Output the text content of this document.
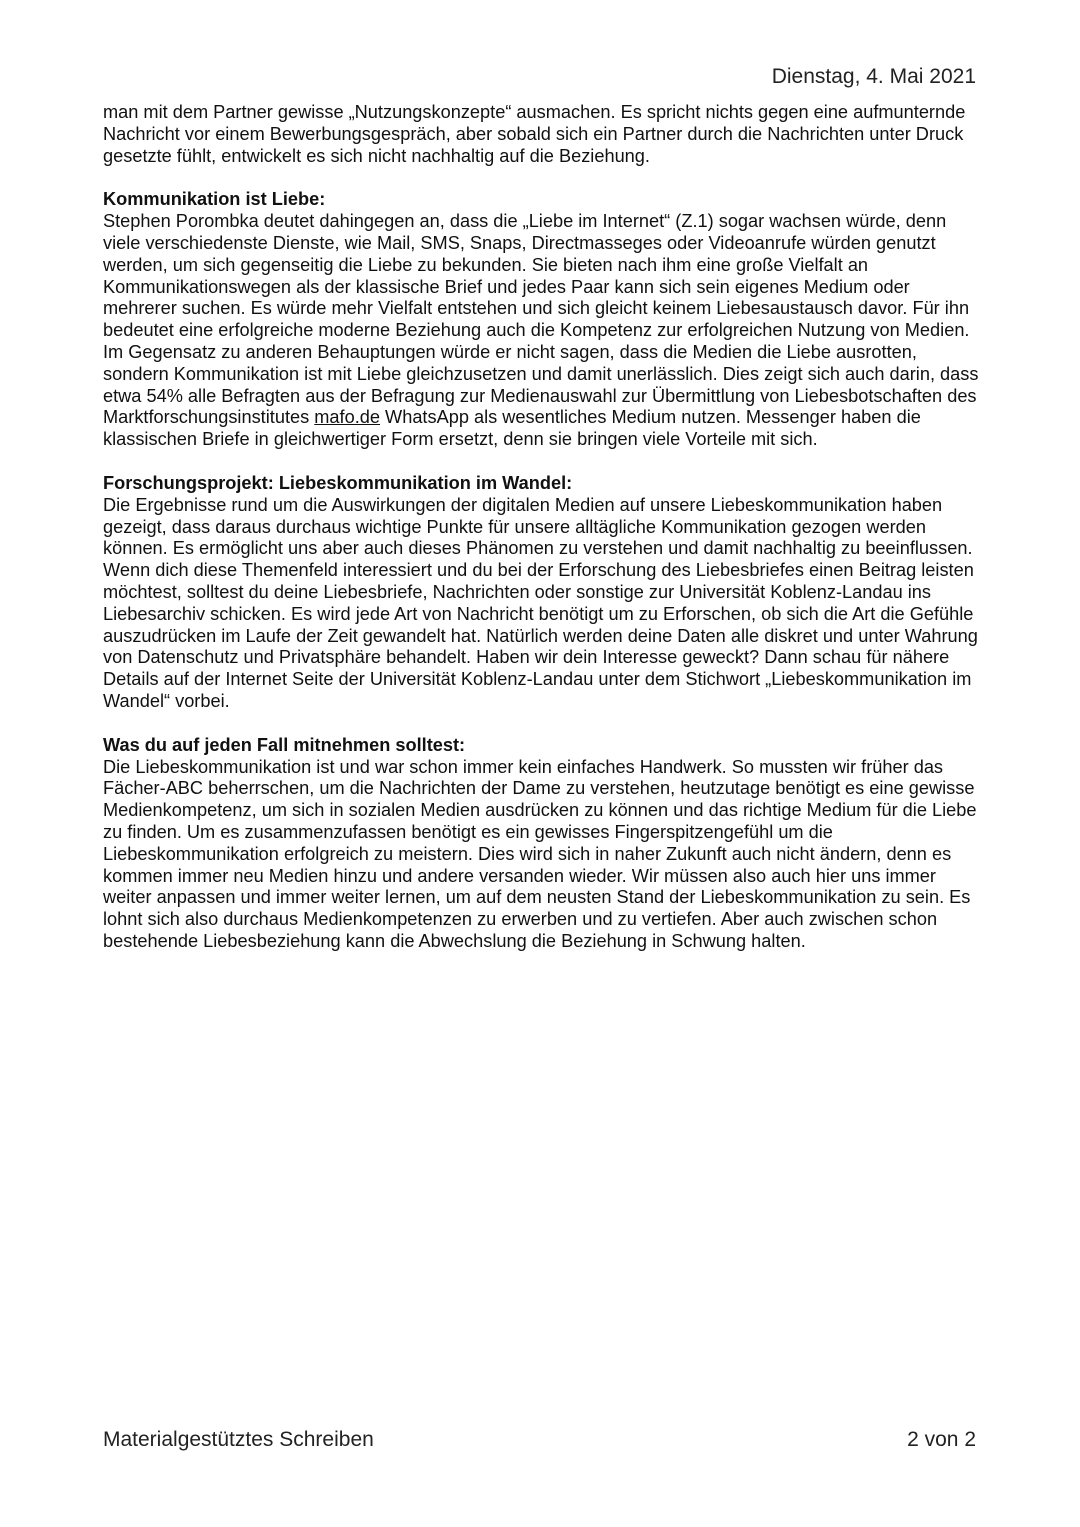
Dienstag, 4. Mai 2021

man mit dem Partner gewisse „Nutzungskonzepte“ ausmachen. Es spricht nichts gegen eine aufmunternde Nachricht vor einem Bewerbungsgespräch, aber sobald sich ein Partner durch die Nachrichten unter Druck gesetzte fühlt, entwickelt es sich nicht nachhaltig auf die Beziehung.

Kommunikation ist Liebe:

Stephen Porombka deutet dahingegen an, dass die „Liebe im Internet“ (Z.1) sogar wachsen würde, denn viele verschiedenste Dienste, wie Mail, SMS, Snaps, Directmasseges oder Videoanrufe würden genutzt werden, um sich gegenseitig die Liebe zu bekunden. Sie bieten nach ihm eine große Vielfalt an Kommunikationswegen als der klassische Brief und jedes Paar kann sich sein eigenes Medium oder mehrerer suchen. Es würde mehr Vielfalt entstehen und sich gleicht keinem Liebesaustausch davor. Für ihn bedeutet eine erfolgreiche moderne Beziehung auch die Kompetenz zur erfolgreichen Nutzung von Medien. Im Gegensatz zu anderen Behauptungen würde er nicht sagen, dass die Medien die Liebe ausrotten, sondern Kommunikation ist mit Liebe gleichzusetzen und damit unerlässlich. Dies zeigt sich auch darin, dass etwa 54% alle Befragten aus der Befragung zur Medienauswahl zur Übermittlung von Liebesbotschaften des Marktforschungsinstitutes mafo.de WhatsApp als wesentliches Medium nutzen. Messenger haben die klassischen Briefe in gleichwertiger Form ersetzt, denn sie bringen viele Vorteile mit sich.

Forschungsprojekt: Liebeskommunikation im Wandel:

Die Ergebnisse rund um die Auswirkungen der digitalen Medien auf unsere Liebeskommunikation haben gezeigt, dass daraus durchaus wichtige Punkte für unsere alltägliche Kommunikation gezogen werden können. Es ermöglicht uns aber auch dieses Phänomen zu verstehen und damit nachhaltig zu beeinflussen. Wenn dich diese Themenfeld interessiert und du bei der Erforschung des Liebesbriefes einen Beitrag leisten möchtest, solltest du deine Liebesbriefe, Nachrichten oder sonstige zur Universität Koblenz-Landau ins Liebesarchiv schicken. Es wird jede Art von Nachricht benötigt um zu Erforschen, ob sich die Art die Gefühle auszudrücken im Laufe der Zeit gewandelt hat. Natürlich werden deine Daten alle diskret und unter Wahrung von Datenschutz und Privatsphäre behandelt. Haben wir dein Interesse geweckt? Dann schau für nähere Details auf der Internet Seite der Universität Koblenz-Landau unter dem Stichwort „Liebeskommunikation im Wandel“ vorbei.

Was du auf jeden Fall mitnehmen solltest:

Die Liebeskommunikation ist und war schon immer kein einfaches Handwerk. So mussten wir früher das Fächer-ABC beherrschen, um die Nachrichten der Dame zu verstehen, heutzutage benötigt es eine gewisse Medienkompetenz, um sich in sozialen Medien ausdrücken zu können und das richtige Medium für die Liebe zu finden. Um es zusammenzufassen benötigt es ein gewisses Fingerspitzengefühl um die Liebeskommunikation erfolgreich zu meistern. Dies wird sich in naher Zukunft auch nicht ändern, denn es kommen immer neu Medien hinzu und andere versanden wieder. Wir müssen also auch hier uns immer weiter anpassen und immer weiter lernen, um auf dem neusten Stand der Liebeskommunikation zu sein. Es lohnt sich also durchaus Medienkompetenzen zu erwerben und zu vertiefen. Aber auch zwischen schon bestehende Liebesbeziehung kann die Abwechslung die Beziehung in Schwung halten.

Materialgestütztes Schreiben	2 von 2
